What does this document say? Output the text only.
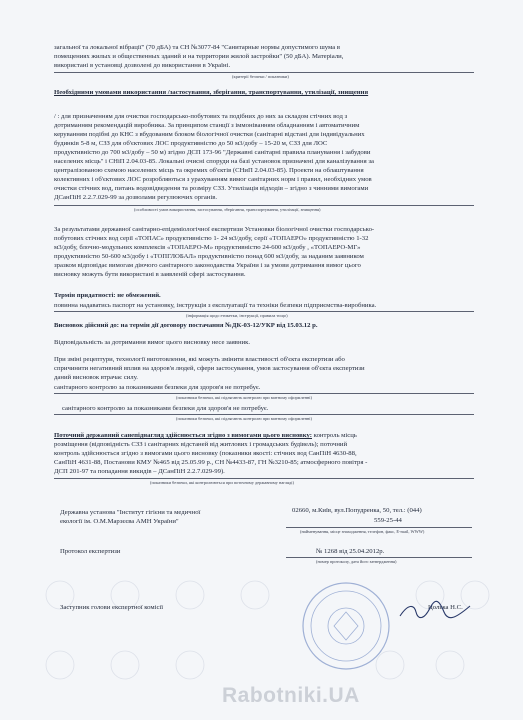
загальної та локальної вібрації" (70 дБА) та СН №3077-84 "Санитарные нормы допустимого шума в
помещениях жилых и общественных зданий и на территории жилой застройки" (50 дБА). Матеріали,
використані в установці дозволені до використання в Україні.
(критерії безпеки / показники)
Необхідними умовами використання /застосування, зберігання, транспортування, утилізації, знищення
/ : для призначенням для очистки господарсько-побутових та подібних до них за складом стічних вод з
дотриманням рекомендацій виробника. За принципом станції з іммоніванням обладнанням і автоматичним
керуванням подібні до КНС з вбудованим блоком біологічної очистки (санітарні відстані для індивідуальних
будинків 5-8 м, СЗЗ для об'єктових ЛОС продуктивністю до 50 м3/добу – 15-20 м, СЗЗ для ЛОС
продуктивністю до 700 м3/добу – 50 м) згідно ДСП 173-96 "Державні санітарні правила планування і забудови
населених місць" і СНіП 2.04.03-85. Локальні очисні споруди на базі установок призначені для каналізування за
централізованою схемою населених місць та окремих об'єктів (СНиП 2.04.03-85). Проекти на облаштування
колективних і об'єктових ЛОС розробляються з урахуванням вимог санітарних норм і правил, необхідних умов
очистки стічних вод, питань водовідведення та розміру СЗЗ. Утилізація відходів – згідно з чинними вимогами
ДСанПіН 2.2.7.029-99 за дозволами регулюючих органів.
(особливості умов використання, застосування, зберігання, транспортування, утилізації, знищення)
За результатами державної санітарно-епідеміологічної експертизи Установки біологічної очистки господарсько-
побутових стічних вод серії «ТОПАС» продуктивністю 1- 24 м3/добу, серії «ТОПАЕРО» продуктивністю 1-32
м3/добу, блочно-модульних комплексів «ТОПАЕРО-М» продуктивністю 24-600 м3/добу , «ТОПАЕРО-МГ»
продуктивністю 50-600 м3/добу і «ТОПГЛОБАЛ» продуктивністю понад 600 м3/добу, за наданим заявником
зразком відповідає вимогам діючого санітарного законодавства України і за умови дотримання вимог цього
висновку можуть бути використані в заявленій сфері застосування.
Термін придатності: не обмежений.
повинна надаватись паспорт на установку, інструкція з експлуатації та техніки безпеки підприємства-виробника.
(інформація щодо етикетки, інструкції, правила тощо)
Висновок дійсний до: на термін дії договору постачання №ДК-03-12/УКР від 15.03.12 р.
Відповідальність за дотримання вимог цього висновку несе заявник.
При зміні рецептури, технології виготовлення, які можуть змінити властивості об'єкта експертизи або
спричинити негативний вплив на здоров'я людей, сфери застосування, умов застосування об'єкта експертизи
даний висновок втрачає силу.
санітарного контролю за показниками безпеки для здоров'я не потребує.
(показники безпеки, які підлягають контролю при митному оформленні)
санітарного контролю за показниками безпеки для здоров'я не потребує.
(показники безпеки, які підлягають контролю при митному оформленні)
Поточний державний санепіднагляд здійснюється згідно з вимогами цього висновку: контроль місць
розміщення (відповідність СЗЗ і санітарних відстаней від житлових і громадських будівель); поточний
контроль здійснюється згідно з вимогами цього висновку (показники якості: стічних вод СанПіН 4630-88,
СанПіН 4631-88, Постанови КМУ №465 від 25.05.99 р., СН №4433-87, ГН №3210-85; атмосферного повітря -
ДСП 201-97 та попадання викидів – ДСанПіН 2.2.7.029-99).
(показники безпеки, які контролюються при поточному державному нагляді)
Державна установа "Інститут гігієни та медичної
екології ім. О.М.Марзєєва АМН України"
02660, м.Київ, вул.Попудренка, 50, тел.: (044)
559-25-44
(найменування, місце знаходження, телефон, факс, E-mail, WWW)
Протокол експертизи	№ 1268 від 25.04.2012р.
(номер протоколу, дата його затвердження)
Заступник голови експертної комісії	Цолька Н.С.
Rabotniki.UA
